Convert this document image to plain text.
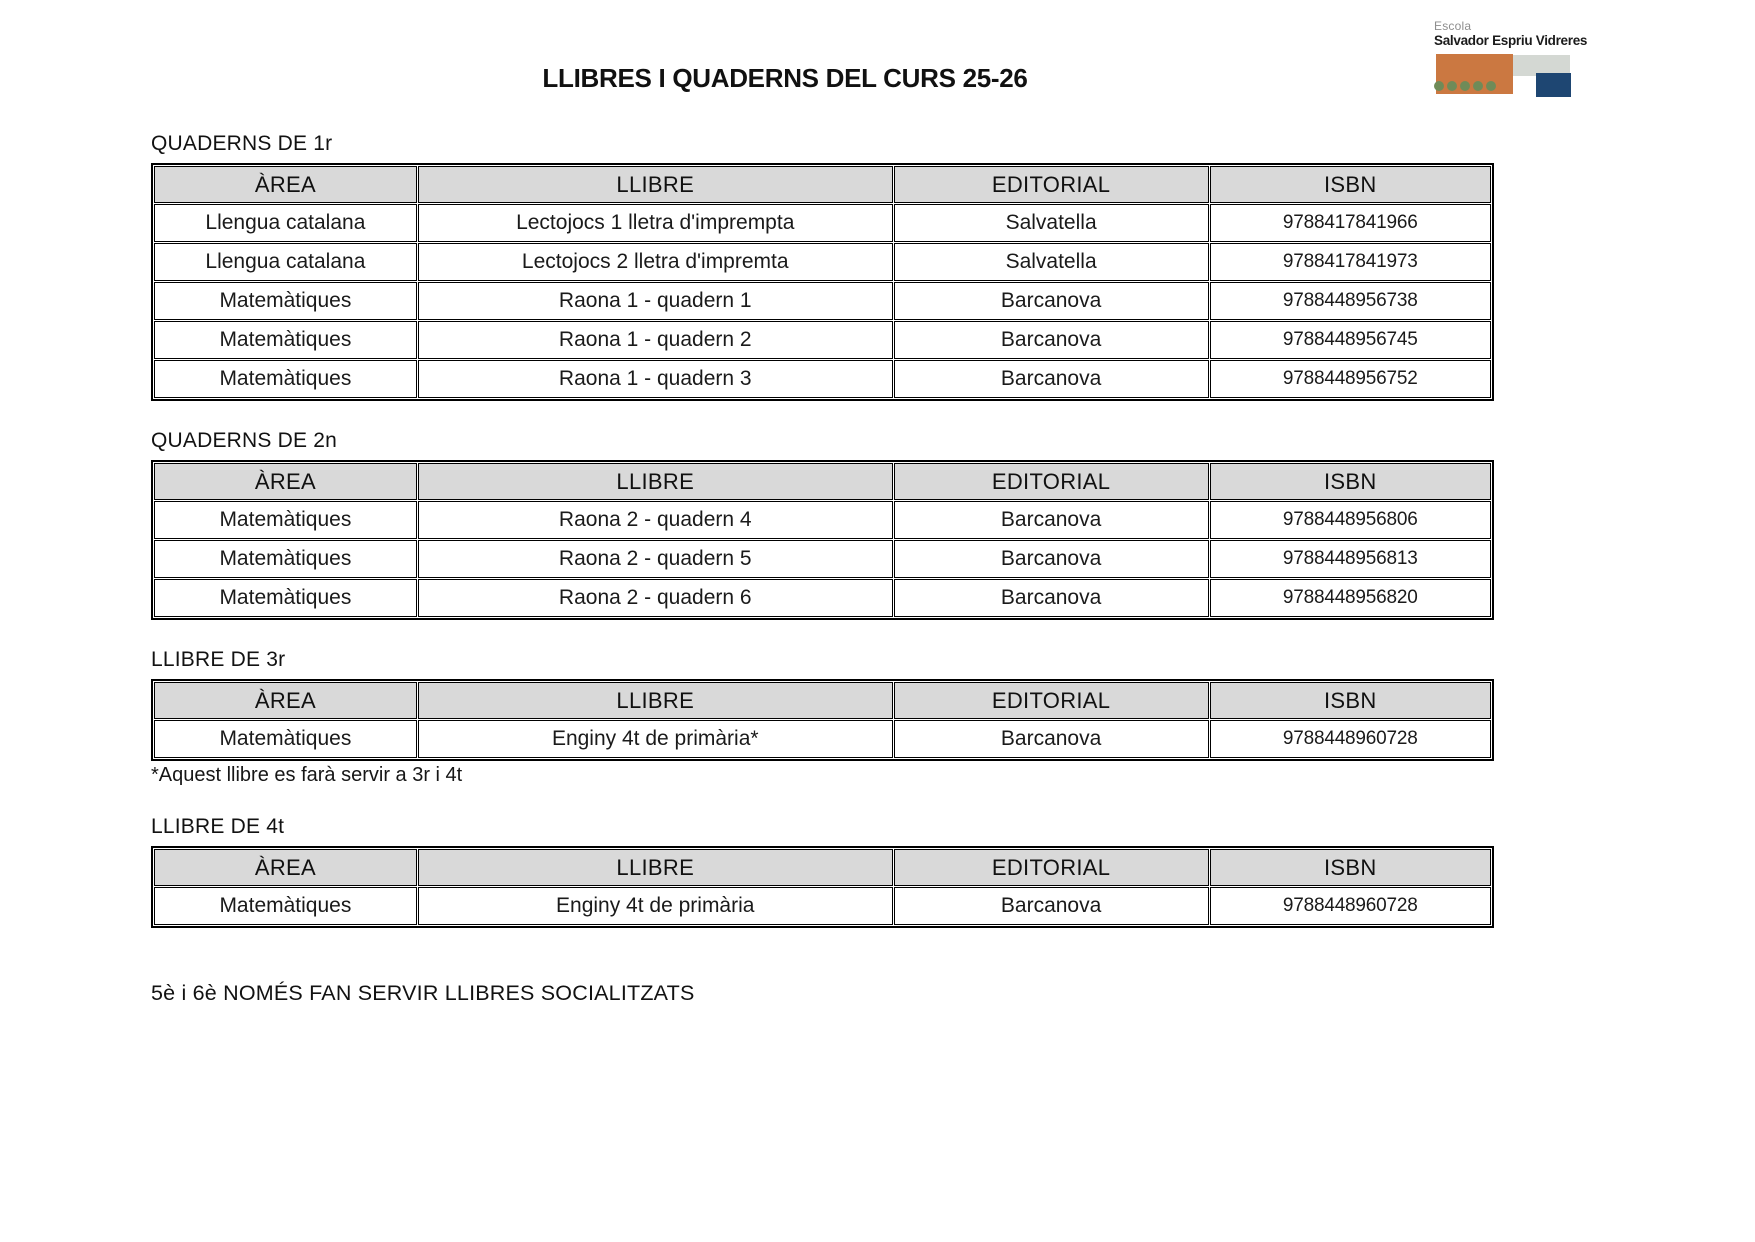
LLIBRES I QUADERNS DEL CURS 25-26
Escola
Salvador Espriu Vidreres
QUADERNS DE 1r
ÀREA	LLIBRE	EDITORIAL	ISBN
Llengua catalana	Lectojocs 1 lletra d'imprempta	Salvatella	9788417841966
Llengua catalana	Lectojocs 2 lletra d'impremta	Salvatella	9788417841973
Matemàtiques	Raona 1 - quadern 1	Barcanova	9788448956738
Matemàtiques	Raona 1 - quadern 2	Barcanova	9788448956745
Matemàtiques	Raona 1 - quadern 3	Barcanova	9788448956752
QUADERNS DE 2n
ÀREA	LLIBRE	EDITORIAL	ISBN
Matemàtiques	Raona 2 - quadern 4	Barcanova	9788448956806
Matemàtiques	Raona 2 - quadern 5	Barcanova	9788448956813
Matemàtiques	Raona 2 - quadern 6	Barcanova	9788448956820
LLIBRE DE 3r
ÀREA	LLIBRE	EDITORIAL	ISBN
Matemàtiques	Enginy 4t de primària*	Barcanova	9788448960728

*Aquest llibre es farà servir a 3r i 4t

LLIBRE DE 4t
ÀREA	LLIBRE	EDITORIAL	ISBN
Matemàtiques	Enginy 4t de primària	Barcanova	9788448960728

5è i 6è NOMÉS FAN SERVIR LLIBRES SOCIALITZATS
